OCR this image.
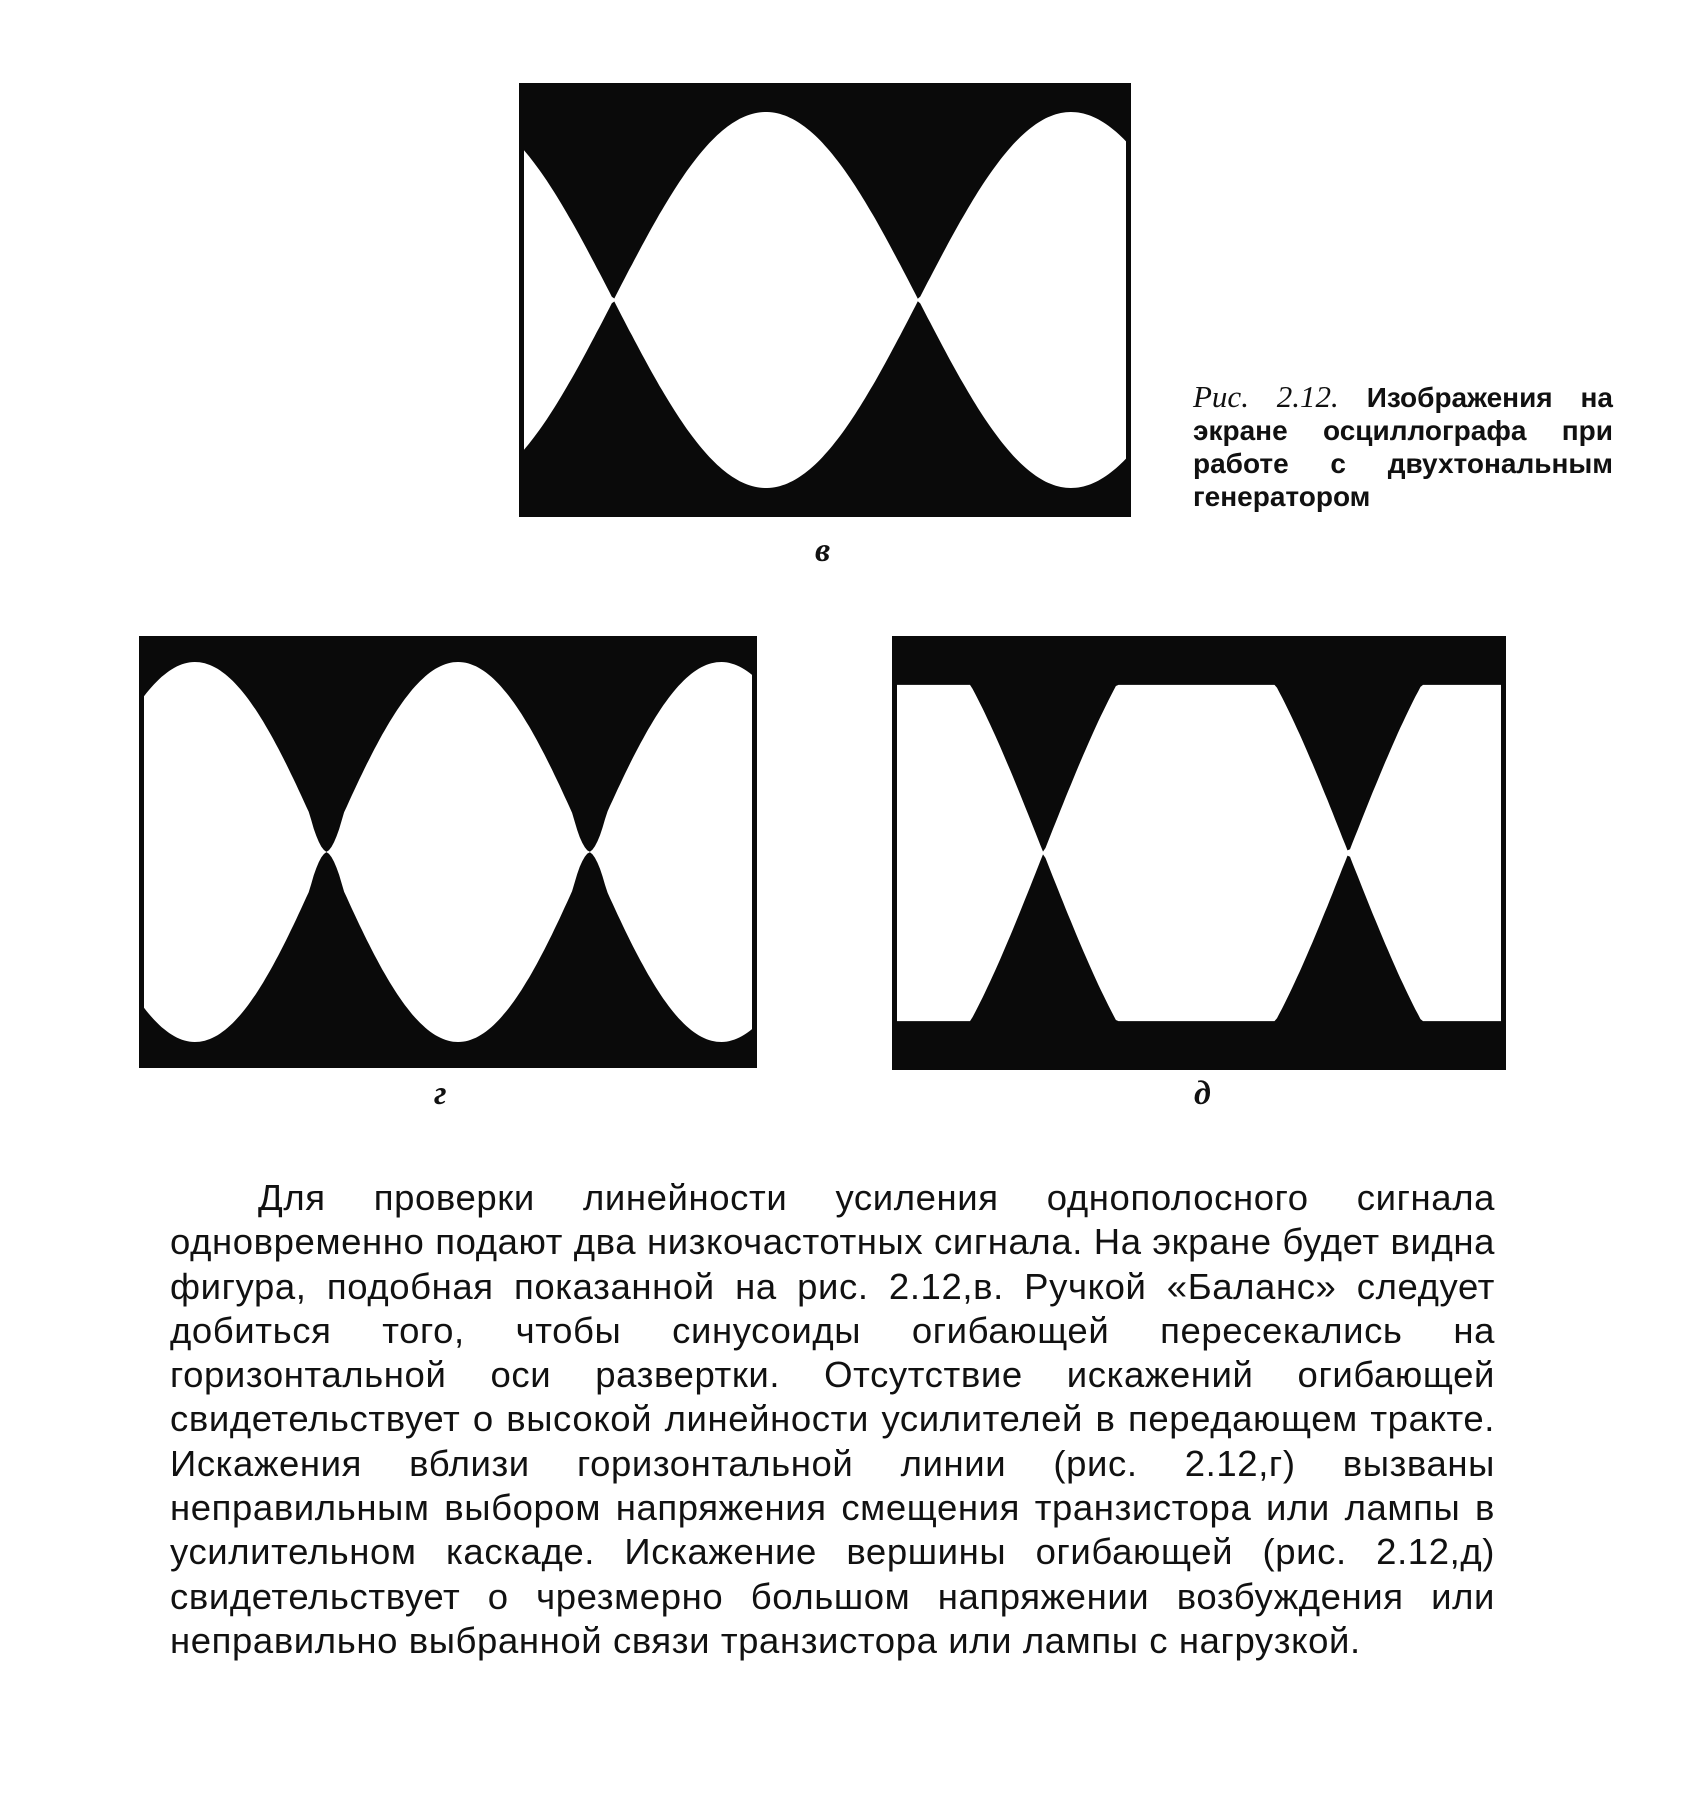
в
г	д
Рис. 2.12. Изображения на экране осциллографа при работе с двухтональным генератором

Для проверки линейности усиления однополосного сигнала одновременно подают два низкочастотных сигнала. На экране будет видна фигура, подобная показанной на рис. 2.12,в. Ручкой «Баланс» следует добиться того, чтобы синусоиды огибающей пересекались на горизонтальной оси развертки. Отсутствие искажений огибающей свидетельствует о высокой линейности усилителей в передающем тракте. Искажения вблизи горизонтальной линии (рис. 2.12,г) вызваны неправильным выбором напряжения смещения транзистора или лампы в усилительном каскаде. Искажение вершины огибающей (рис. 2.12,д) свидетельствует о чрезмерно большом напряжении возбуждения или неправильно выбранной связи транзистора или лампы с нагрузкой.
